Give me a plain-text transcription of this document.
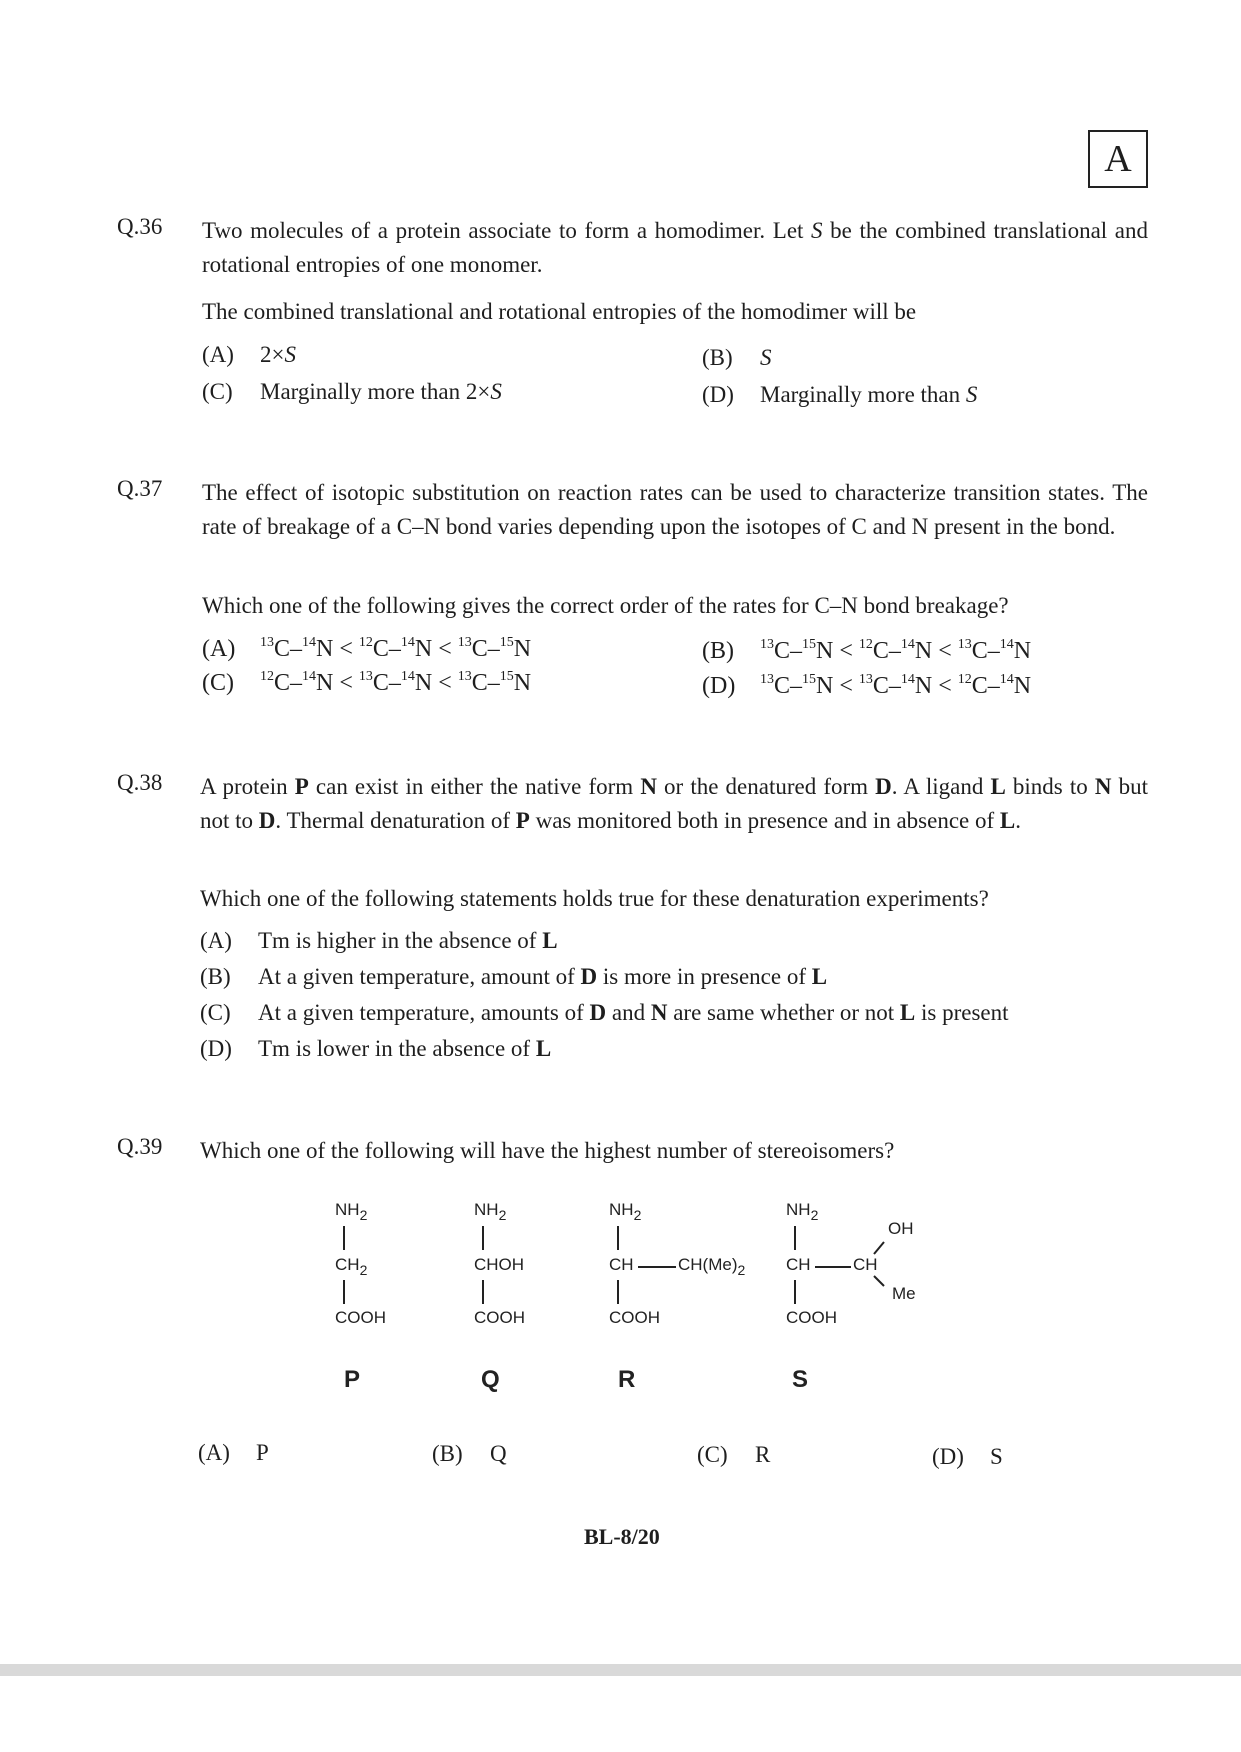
A
Q.36 Two molecules of a protein associate to form a homodimer. Let S be the combined translational and rotational entropies of one monomer.
The combined translational and rotational entropies of the homodimer will be
(A) 2×S	(B) S
(C) Marginally more than 2×S	(D) Marginally more than S
Q.37 The effect of isotopic substitution on reaction rates can be used to characterize transition states. The rate of breakage of a C–N bond varies depending upon the isotopes of C and N present in the bond.
Which one of the following gives the correct order of the rates for C–N bond breakage?
(A) $^{13}$C–$^{14}$N < $^{12}$C–$^{14}$N < $^{13}$C–$^{15}$N	(B) $^{13}$C–$^{15}$N < $^{12}$C–$^{14}$N < $^{13}$C–$^{14}$N
(C) $^{12}$C–$^{14}$N < $^{13}$C–$^{14}$N < $^{13}$C–$^{15}$N	(D) $^{13}$C–$^{15}$N < $^{13}$C–$^{14}$N < $^{12}$C–$^{14}$N
Q.38 A protein P can exist in either the native form N or the denatured form D. A ligand L binds to N but not to D. Thermal denaturation of P was monitored both in presence and in absence of L.
Which one of the following statements holds true for these denaturation experiments?
(A) Tm is higher in the absence of L
(B) At a given temperature, amount of D is more in presence of L
(C) At a given temperature, amounts of D and N are same whether or not L is present
(D) Tm is lower in the absence of L
Q.39 Which one of the following will have the highest number of stereoisomers?
$NH_2$
$CH_2$
COOH
P
$NH_2$
CHOH
COOH
Q
$NH_2$
CH	$CH(Me)_2$
COOH
R
$NH_2$
CH CH
OH
Me
COOH
S
(A) P	(B) Q	(C) R	(D) S
BL-8/20
